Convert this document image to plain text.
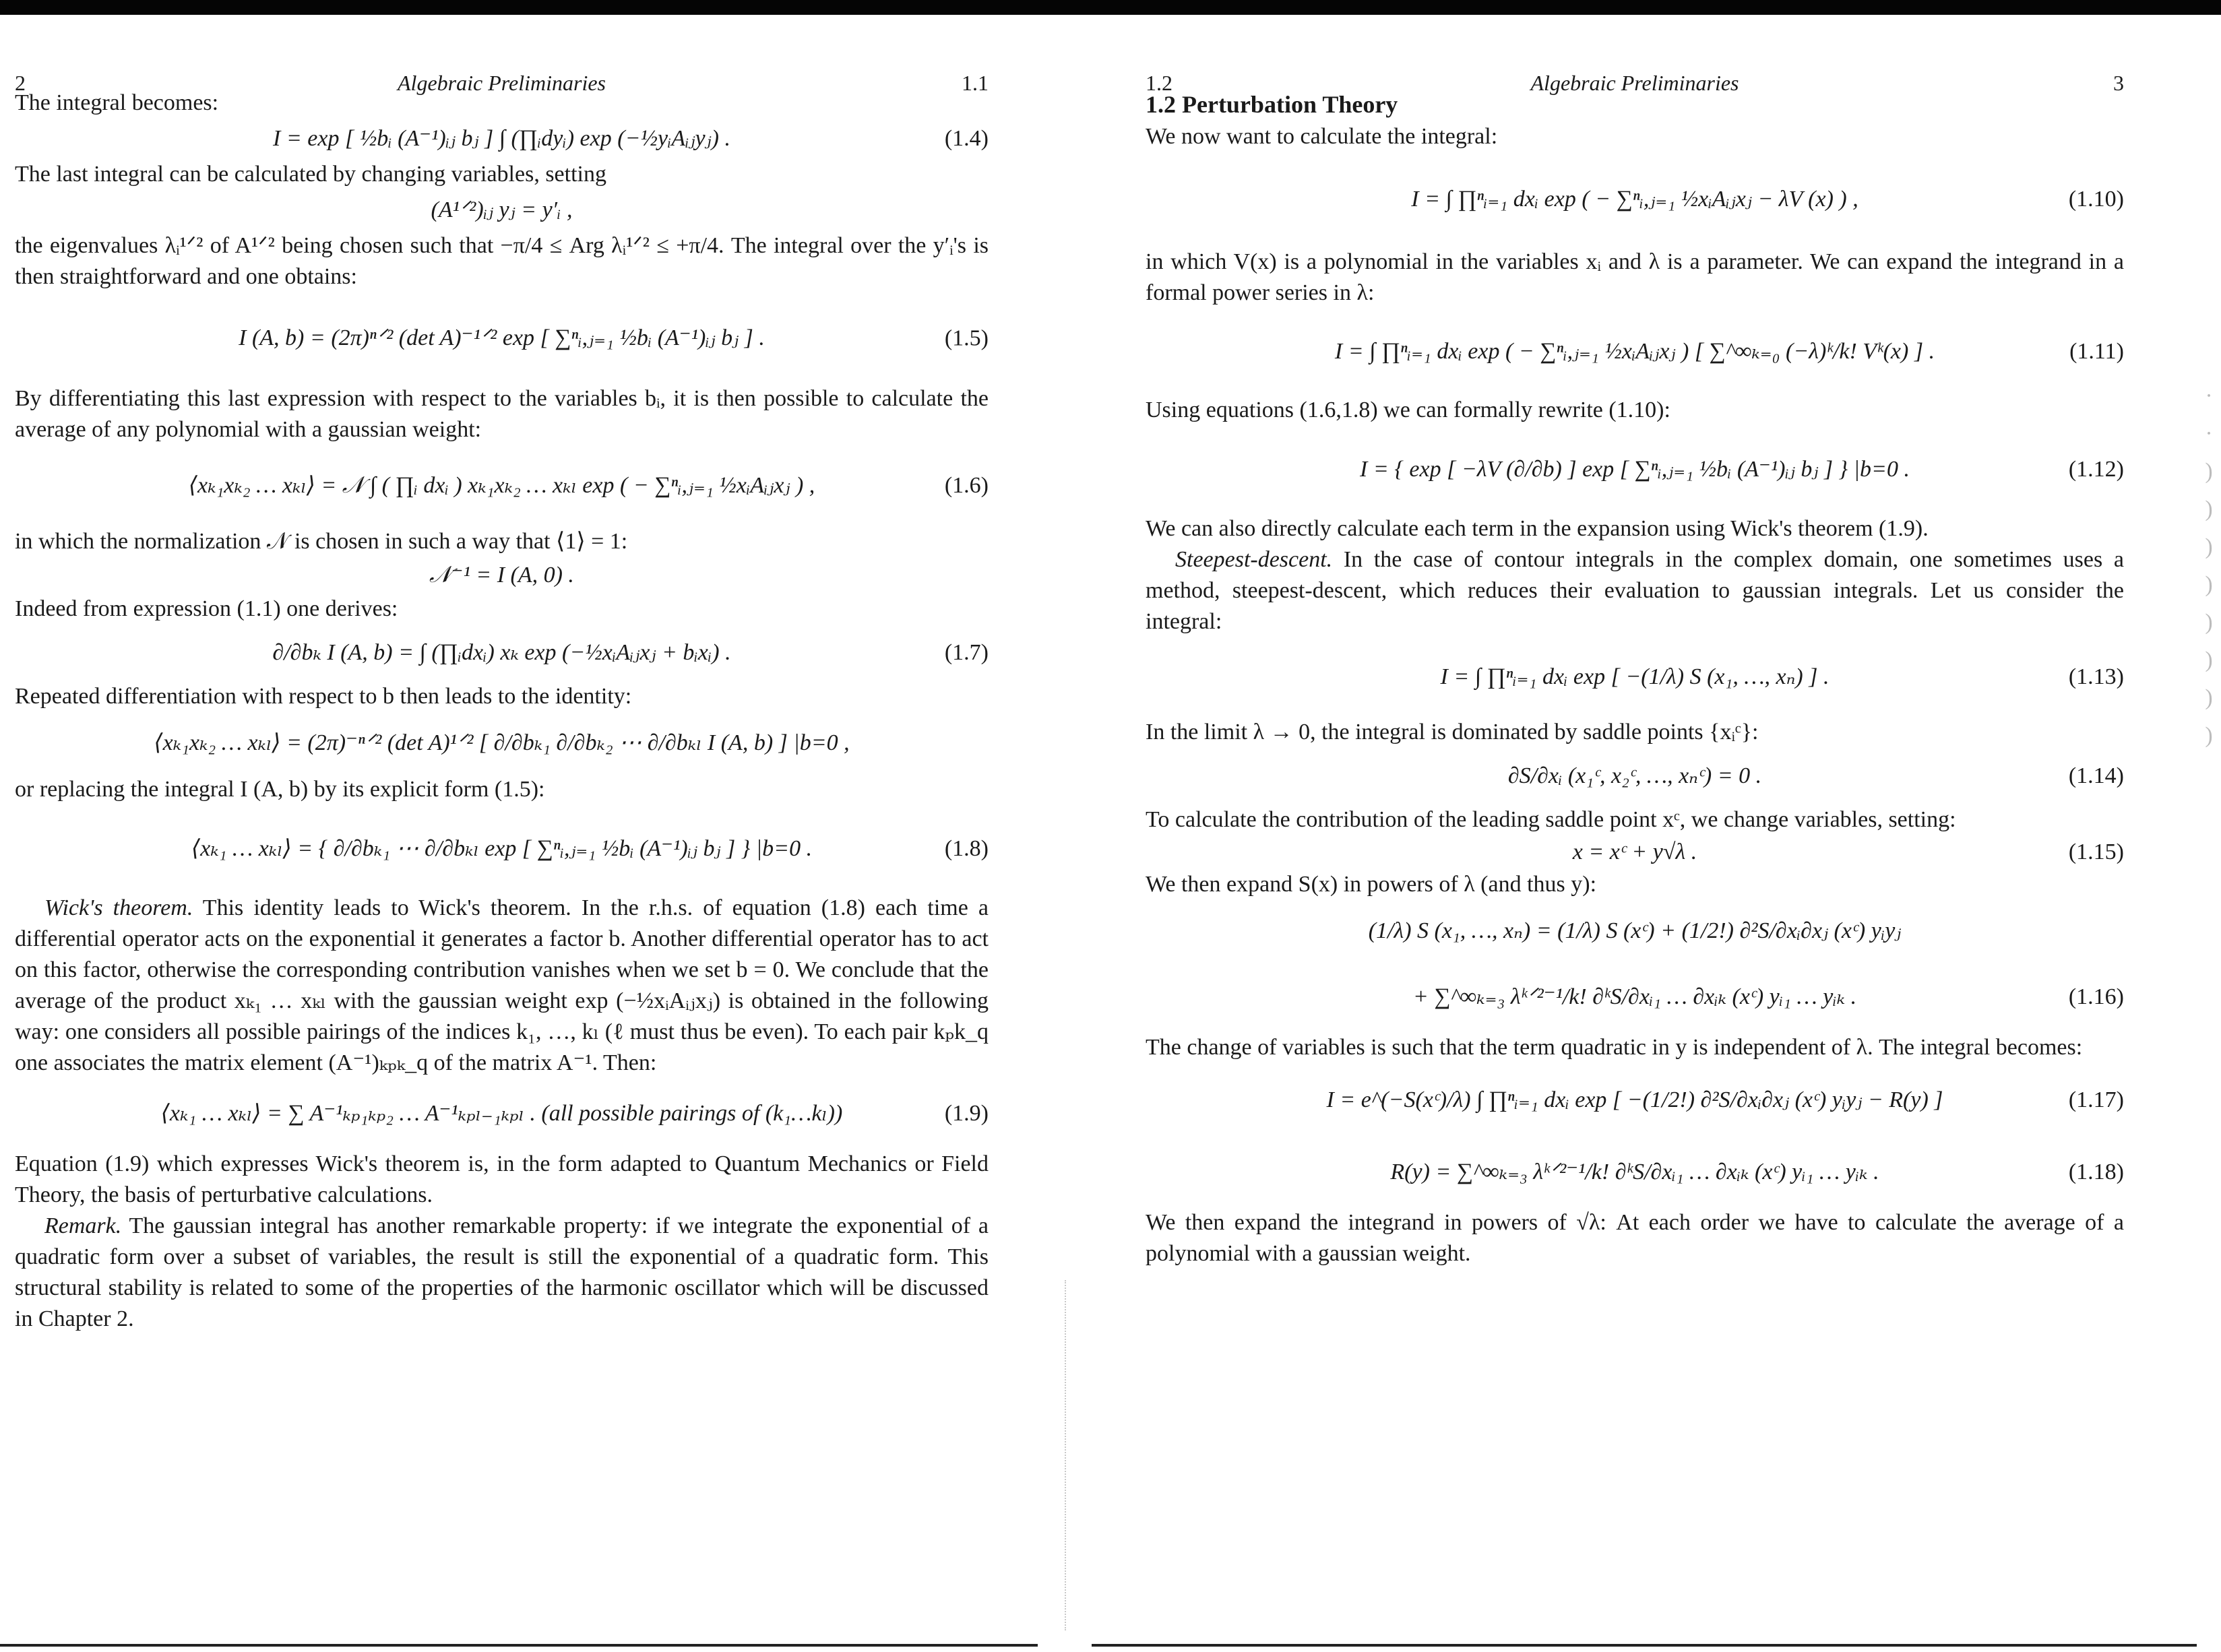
2	Algebraic Preliminaries	1.1

The integral becomes:

I = exp [ ½bᵢ (A⁻¹)ᵢⱼ bⱼ ] ∫ (∏ᵢdyᵢ) exp (−½yᵢAᵢⱼyⱼ) .	(1.4)

The last integral can be calculated by changing variables, setting

(A¹ᐟ²)ᵢⱼ yⱼ = y′ᵢ ,

the eigenvalues λᵢ¹ᐟ² of A¹ᐟ² being chosen such that −π/4 ≤ Arg λᵢ¹ᐟ² ≤ +π/4. The integral over the y′ᵢ's is then straightforward and one obtains:

I (A, b) = (2π)ⁿᐟ² (det A)⁻¹ᐟ² exp [ ∑ⁿᵢ,ⱼ₌₁ ½bᵢ (A⁻¹)ᵢⱼ bⱼ ] .	(1.5)

By differentiating this last expression with respect to the variables bᵢ, it is then possible to calculate the average of any polynomial with a gaussian weight:

⟨xₖ₁xₖ₂ … xₖₗ⟩ = 𝒩 ∫ ( ∏ᵢ dxᵢ ) xₖ₁xₖ₂ … xₖₗ exp ( − ∑ⁿᵢ,ⱼ₌₁ ½xᵢAᵢⱼxⱼ ) ,	(1.6)

in which the normalization 𝒩 is chosen in such a way that ⟨1⟩ = 1:

𝒩⁻¹ = I (A, 0) .

Indeed from expression (1.1) one derives:

∂/∂bₖ I (A, b) = ∫ (∏ᵢdxᵢ) xₖ exp (−½xᵢAᵢⱼxⱼ + bᵢxᵢ) .	(1.7)

Repeated differentiation with respect to b then leads to the identity:

⟨xₖ₁xₖ₂ … xₖₗ⟩ = (2π)⁻ⁿᐟ² (det A)¹ᐟ² [ ∂/∂bₖ₁ ∂/∂bₖ₂ ⋯ ∂/∂bₖₗ I (A, b) ] |b=0 ,

or replacing the integral I (A, b) by its explicit form (1.5):

⟨xₖ₁ … xₖₗ⟩ = { ∂/∂bₖ₁ ⋯ ∂/∂bₖₗ exp [ ∑ⁿᵢ,ⱼ₌₁ ½bᵢ (A⁻¹)ᵢⱼ bⱼ ] } |b=0 .	(1.8)

Wick's theorem. This identity leads to Wick's theorem. In the r.h.s. of equation (1.8) each time a differential operator acts on the exponential it generates a factor b. Another differential operator has to act on this factor, otherwise the corresponding contribution vanishes when we set b = 0. We conclude that the average of the product xₖ₁ … xₖₗ with the gaussian weight exp (−½xᵢAᵢⱼxⱼ) is obtained in the following way: one considers all possible pairings of the indices k₁, …, kₗ (ℓ must thus be even). To each pair kₚk_q one associates the matrix element (A⁻¹)ₖₚₖ_q of the matrix A⁻¹. Then:

⟨xₖ₁ … xₖₗ⟩ = ∑ A⁻¹ₖₚ₁ₖₚ₂ … A⁻¹ₖₚₗ₋₁ₖₚₗ . (all possible pairings of (k₁…kₗ))	(1.9)

Equation (1.9) which expresses Wick's theorem is, in the form adapted to Quantum Mechanics or Field Theory, the basis of perturbative calculations.

Remark. The gaussian integral has another remarkable property: if we integrate the exponential of a quadratic form over a subset of variables, the result is still the exponential of a quadratic form. This structural stability is related to some of the properties of the harmonic oscillator which will be discussed in Chapter 2.

1.2	Algebraic Preliminaries	3
1.2 Perturbation Theory

We now want to calculate the integral:

I = ∫ ∏ⁿᵢ₌₁ dxᵢ exp ( − ∑ⁿᵢ,ⱼ₌₁ ½xᵢAᵢⱼxⱼ − λV (x) ) ,	(1.10)

in which V(x) is a polynomial in the variables xᵢ and λ is a parameter. We can expand the integrand in a formal power series in λ:

I = ∫ ∏ⁿᵢ₌₁ dxᵢ exp ( − ∑ⁿᵢ,ⱼ₌₁ ½xᵢAᵢⱼxⱼ ) [ ∑^∞ₖ₌₀ (−λ)ᵏ/k! Vᵏ(x) ] .	(1.11)

Using equations (1.6,1.8) we can formally rewrite (1.10):

I = { exp [ −λV (∂/∂b) ] exp [ ∑ⁿᵢ,ⱼ₌₁ ½bᵢ (A⁻¹)ᵢⱼ bⱼ ] } |b=0 .	(1.12)

We can also directly calculate each term in the expansion using Wick's theorem (1.9).

Steepest-descent. In the case of contour integrals in the complex domain, one sometimes uses a method, steepest-descent, which reduces their evaluation to gaussian integrals. Let us consider the integral:

I = ∫ ∏ⁿᵢ₌₁ dxᵢ exp [ −(1/λ) S (x₁, …, xₙ) ] .	(1.13)

In the limit λ → 0, the integral is dominated by saddle points {xᵢᶜ}:

∂S/∂xᵢ (x₁ᶜ, x₂ᶜ, …, xₙᶜ) = 0 .	(1.14)

To calculate the contribution of the leading saddle point xᶜ, we change variables, setting:

x = xᶜ + y√λ .	(1.15)

We then expand S(x) in powers of λ (and thus y):

(1/λ) S (x₁, …, xₙ) = (1/λ) S (xᶜ) + (1/2!) ∂²S/∂xᵢ∂xⱼ (xᶜ) yᵢyⱼ
+ ∑^∞ₖ₌₃ λᵏᐟ²⁻¹/k! ∂ᵏS/∂xᵢ₁ … ∂xᵢₖ (xᶜ) yᵢ₁ … yᵢₖ .	(1.16)

The change of variables is such that the term quadratic in y is independent of λ. The integral becomes:

I = e^(−S(xᶜ)/λ) ∫ ∏ⁿᵢ₌₁ dxᵢ exp [ −(1/2!) ∂²S/∂xᵢ∂xⱼ (xᶜ) yᵢyⱼ − R(y) ]	(1.17)
R(y) = ∑^∞ₖ₌₃ λᵏᐟ²⁻¹/k! ∂ᵏS/∂xᵢ₁ … ∂xᵢₖ (xᶜ) yᵢ₁ … yᵢₖ .	(1.18)

We then expand the integrand in powers of √λ: At each order we have to calculate the average of a polynomial with a gaussian weight.

·
·
)
)
)
)
)
)
)
)
